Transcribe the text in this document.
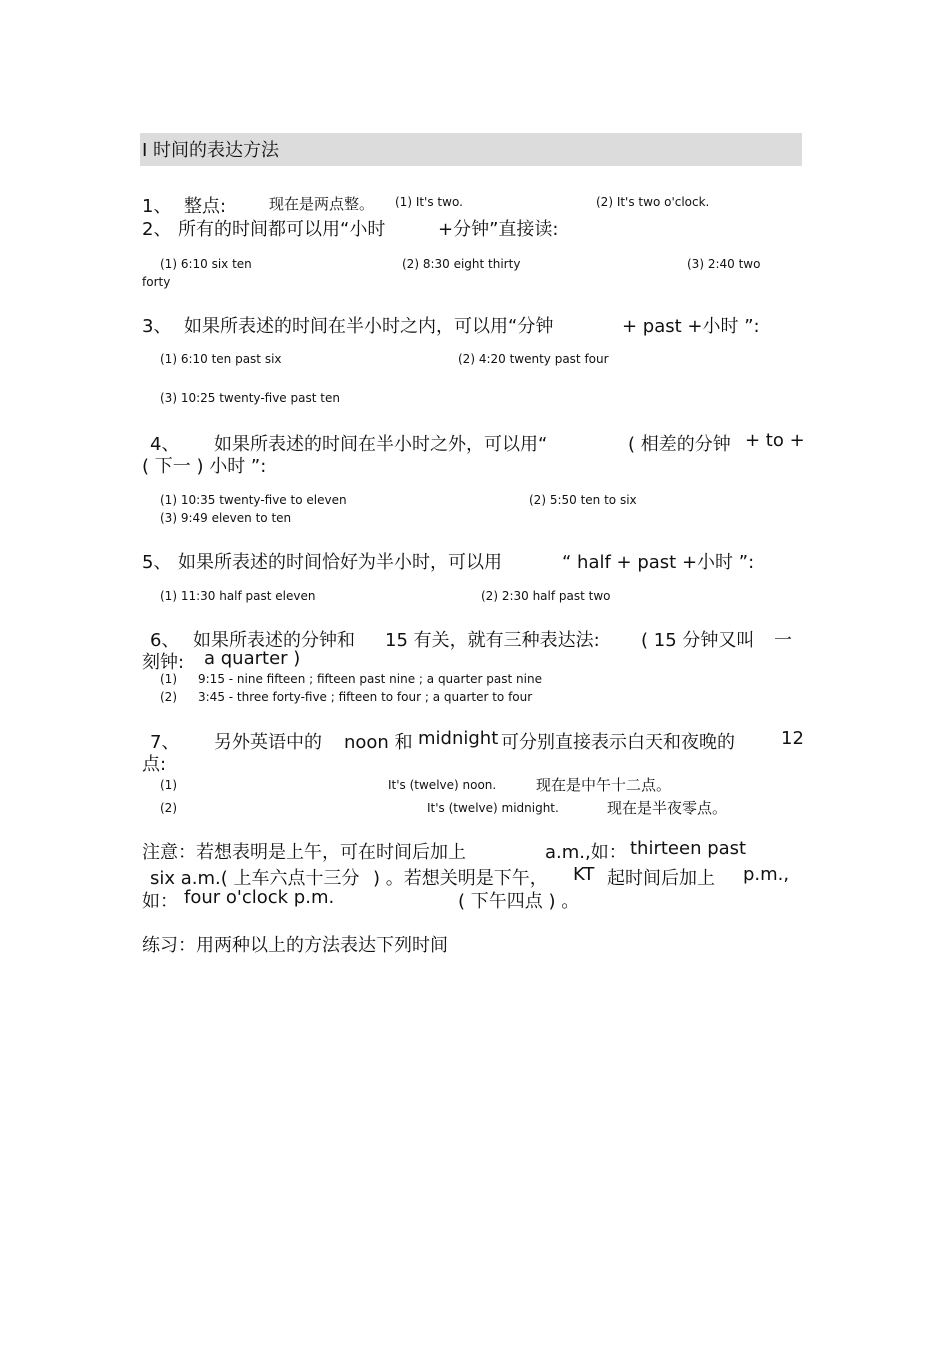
I 时间的表达方法
1、 整点:	现在是两点整。 (1) It's two.	(2) It's two o'clock.
2、 所有的时间都可以用“小时	+分钟”直接读:
(1) 6:10 six ten	(2) 8:30 eight thirty	(3) 2:40 two
forty
3、 如果所表述的时间在半小时之内，可以用“分钟	+ past +小时 ”:
(1) 6:10 ten past six	(2) 4:20 twenty past four
(3) 10:25 twenty-five past ten
4、 如果所表述的时间在半小时之外，可以用“	( 相差的分钟 + to +
( 下一 ) 小时 ”:
(1) 10:35 twenty-five to eleven	(2) 5:50 ten to six
(3) 9:49 eleven to ten
5、 如果所表述的时间恰好为半小时，可以用	“ half + past +小时 ”:
(1) 11:30 half past eleven	(2) 2:30 half past two
6、 如果所表述的分钟和 15 有关，就有三种表达法: ( 15 分钟又叫 一
刻钟: a quarter )
(1) 9:15 - nine fifteen ; fifteen past nine ; a quarter past nine
(2) 3:45 - three forty-five ; fifteen to four ; a quarter to four
7、 另外英语中的 noon 和 midnight 可分别直接表示白天和夜晚的	12
点:
(1)	It's (twelve) noon.	现在是中午十二点。
(2)	It's (twelve) midnight.	现在是半夜零点。
注意：若想表明是上午，可在时间后加上	a.m.,如： thirteen past
six a.m.( 上车六点十三分 ) 。若想关明是下午， KT 起时间后加上 p.m.,
如： four o'clock p.m.	( 下午四点 ) 。
练习：用两种以上的方法表达下列时间
